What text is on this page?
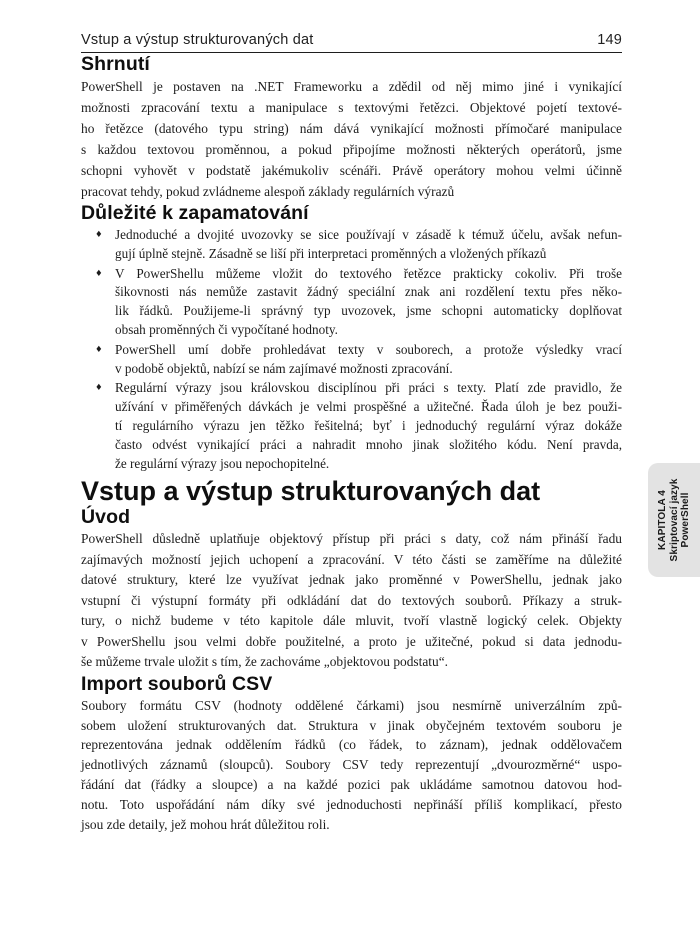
Vstup a výstup strukturovaných dat	149
Shrnutí
PowerShell je postaven na .NET Frameworku a zdědil od něj mimo jiné i vynikající
možnosti zpracování textu a manipulace s textovými řetězci. Objektové pojetí textové-
ho řetězce (datového typu string) nám dává vynikající možnosti přímočaré manipulace
s každou textovou proměnnou, a pokud připojíme možnosti některých operátorů, jsme
schopni vyhovět v podstatě jakémukoliv scénáři. Právě operátory mohou velmi účinně
pracovat tehdy, pokud zvládneme alespoň základy regulárních výrazů
Důležité k zapamatování
♦ Jednoduché a dvojité uvozovky se sice používají v zásadě k témuž účelu, avšak nefun-
gují úplně stejně. Zásadně se liší při interpretaci proměnných a vložených příkazů
♦ V PowerShellu můžeme vložit do textového řetězce prakticky cokoliv. Při troše
šikovnosti nás nemůže zastavit žádný speciální znak ani rozdělení textu přes něko-
lik řádků. Použijeme-li správný typ uvozovek, jsme schopni automaticky doplňovat
obsah proměnných či vypočítané hodnoty.
♦ PowerShell umí dobře prohledávat texty v souborech, a protože výsledky vrací
v podobě objektů, nabízí se nám zajímavé možnosti zpracování.
♦ Regulární výrazy jsou královskou disciplínou při práci s texty. Platí zde pravidlo, že
užívání v přiměřených dávkách je velmi prospěšné a užitečné. Řada úloh je bez použi-
tí regulárního výrazu jen těžko řešitelná; byť i jednoduchý regulární výraz dokáže
často odvést vynikající práci a nahradit mnoho jinak složitého kódu. Není pravda,
že regulární výrazy jsou nepochopitelné.
Vstup a výstup strukturovaných dat
Úvod
PowerShell důsledně uplatňuje objektový přístup při práci s daty, což nám přináší řadu
zajímavých možností jejich uchopení a zpracování. V této části se zaměříme na důležité
datové struktury, které lze využívat jednak jako proměnné v PowerShellu, jednak jako
vstupní či výstupní formáty při odkládání dat do textových souborů. Příkazy a struk-
tury, o nichž budeme v této kapitole dále mluvit, tvoří vlastně logický celek. Objekty
v PowerShellu jsou velmi dobře použitelné, a proto je užitečné, pokud si data jednodu-
še můžeme trvale uložit s tím, že zachováme „objektovou podstatu“.
Import souborů CSV
Soubory formátu CSV (hodnoty oddělené čárkami) jsou nesmírně univerzálním způ-
sobem uložení strukturovaných dat. Struktura v jinak obyčejném textovém souboru je
reprezentována jednak oddělením řádků (co řádek, to záznam), jednak oddělovačem
jednotlivých záznamů (sloupců). Soubory CSV tedy reprezentují „dvourozměrné“ uspo-
řádání dat (řádky a sloupce) a na každé pozici pak ukládáme samotnou datovou hod-
notu. Toto uspořádání nám díky své jednoduchosti nepřináší příliš komplikací, přesto
jsou zde detaily, jež mohou hrát důležitou roli.
KAPITOLA 4 Skriptovací jazyk PowerShell
